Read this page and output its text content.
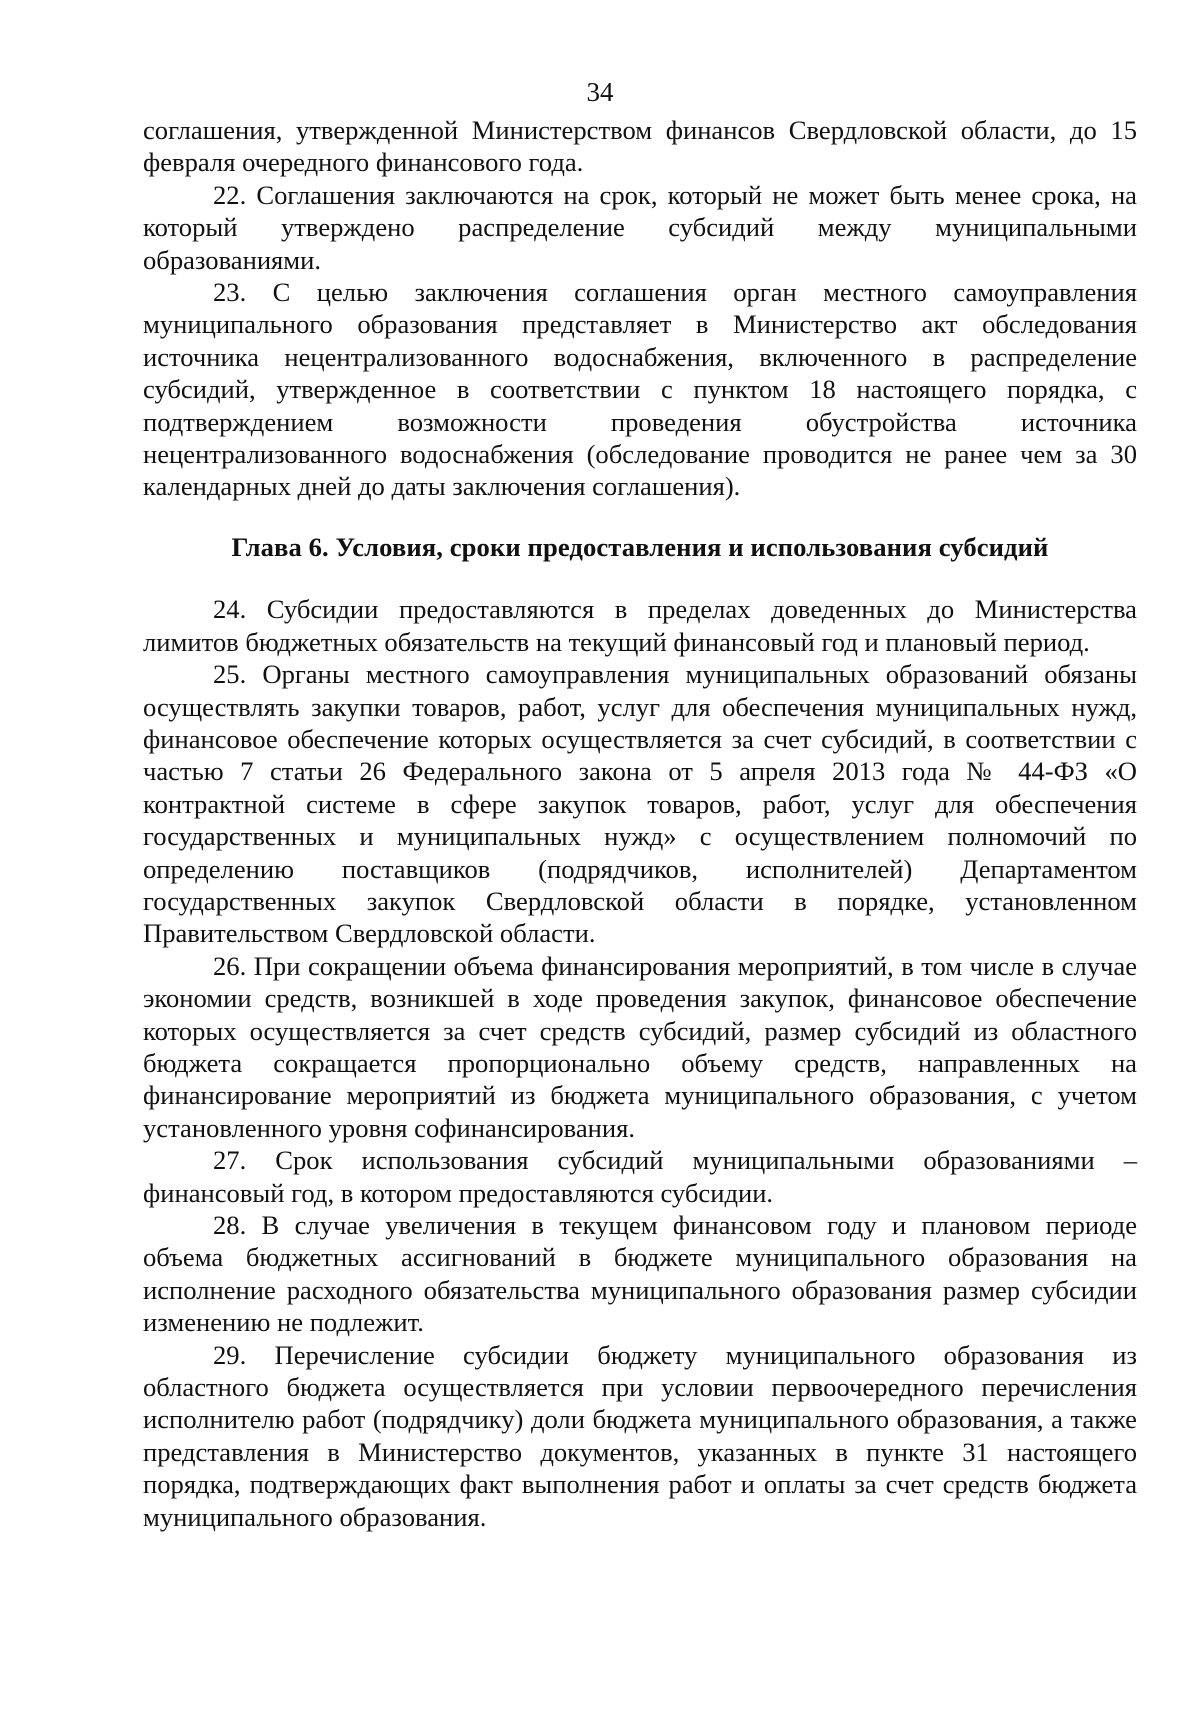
34

соглашения, утвержденной Министерством финансов Свердловской области, до 15 февраля очередного финансового года.

22. Соглашения заключаются на срок, который не может быть менее срока, на который утверждено распределение субсидий между муниципальными образованиями.

23. С целью заключения соглашения орган местного самоуправления муниципального образования представляет в Министерство акт обследования источника нецентрализованного водоснабжения, включенного в распределение субсидий, утвержденное в соответствии с пунктом 18 настоящего порядка, с подтверждением возможности проведения обустройства источника нецентрализованного водоснабжения (обследование проводится не ранее чем за 30 календарных дней до даты заключения соглашения).

Глава 6. Условия, сроки предоставления и использования субсидий

24. Субсидии предоставляются в пределах доведенных до Министерства лимитов бюджетных обязательств на текущий финансовый год и плановый период.

25. Органы местного самоуправления муниципальных образований обязаны осуществлять закупки товаров, работ, услуг для обеспечения муниципальных нужд, финансовое обеспечение которых осуществляется за счет субсидий, в соответствии с частью 7 статьи 26 Федерального закона от 5 апреля 2013 года № 44-ФЗ «О контрактной системе в сфере закупок товаров, работ, услуг для обеспечения государственных и муниципальных нужд» с осуществлением полномочий по определению поставщиков (подрядчиков, исполнителей) Департаментом государственных закупок Свердловской области в порядке, установленном Правительством Свердловской области.

26. При сокращении объема финансирования мероприятий, в том числе в случае экономии средств, возникшей в ходе проведения закупок, финансовое обеспечение которых осуществляется за счет средств субсидий, размер субсидий из областного бюджета сокращается пропорционально объему средств, направленных на финансирование мероприятий из бюджета муниципального образования, с учетом установленного уровня софинансирования.

27. Срок использования субсидий муниципальными образованиями – финансовый год, в котором предоставляются субсидии.

28. В случае увеличения в текущем финансовом году и плановом периоде объема бюджетных ассигнований в бюджете муниципального образования на исполнение расходного обязательства муниципального образования размер субсидии изменению не подлежит.

29. Перечисление субсидии бюджету муниципального образования из областного бюджета осуществляется при условии первоочередного перечисления исполнителю работ (подрядчику) доли бюджета муниципального образования, а также представления в Министерство документов, указанных в пункте 31 настоящего порядка, подтверждающих факт выполнения работ и оплаты за счет средств бюджета муниципального образования.
